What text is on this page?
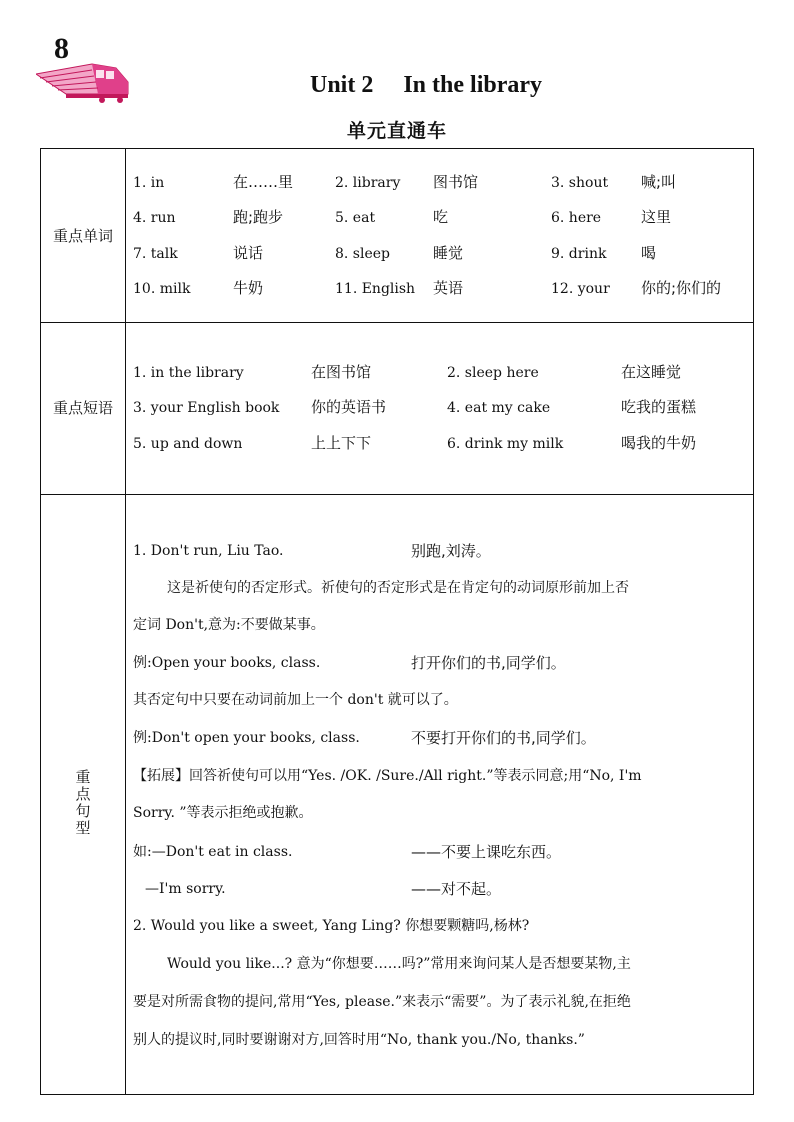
8
Unit 2     In the library
单元直通车
重点单词
1. in	在……里	2. library 图书馆	3. shout 喊;叫
4. run	跑;跑步	5. eat	吃	6. here	这里
7. talk	说话	8. sleep	睡觉	9. drink 喝
10. milk	牛奶	11. English 英语	12. your 你的;你们的
重点短语
1. in the library	在图书馆	2. sleep here	在这睡觉
3. your English book 你的英语书	4. eat my cake	吃我的蛋糕
5. up and down	上上下下	6. drink my milk	喝我的牛奶
重点句型
1. Don't run, Liu Tao.	别跑,刘涛。
这是祈使句的否定形式。祈使句的否定形式是在肯定句的动词原形前加上否
定词 Don't,意为:不要做某事。
例:Open your books, class.	打开你们的书,同学们。
其否定句中只要在动词前加上一个 don't 就可以了。
例:Don't open your books, class.	不要打开你们的书,同学们。
【拓展】回答祈使句可以用“Yes. /OK. /Sure./All right.”等表示同意;用“No, I'm
Sorry. ”等表示拒绝或抱歉。
如:—Don't eat in class.	——不要上课吃东西。
—I'm sorry.	——对不起。
2. Would you like a sweet, Yang Ling? 你想要颗糖吗,杨林?
Would you like...? 意为“你想要……吗?”常用来询问某人是否想要某物,主
要是对所需食物的提问,常用“Yes, please.”来表示“需要”。为了表示礼貌,在拒绝
别人的提议时,同时要谢谢对方,回答时用“No, thank you./No, thanks.”
